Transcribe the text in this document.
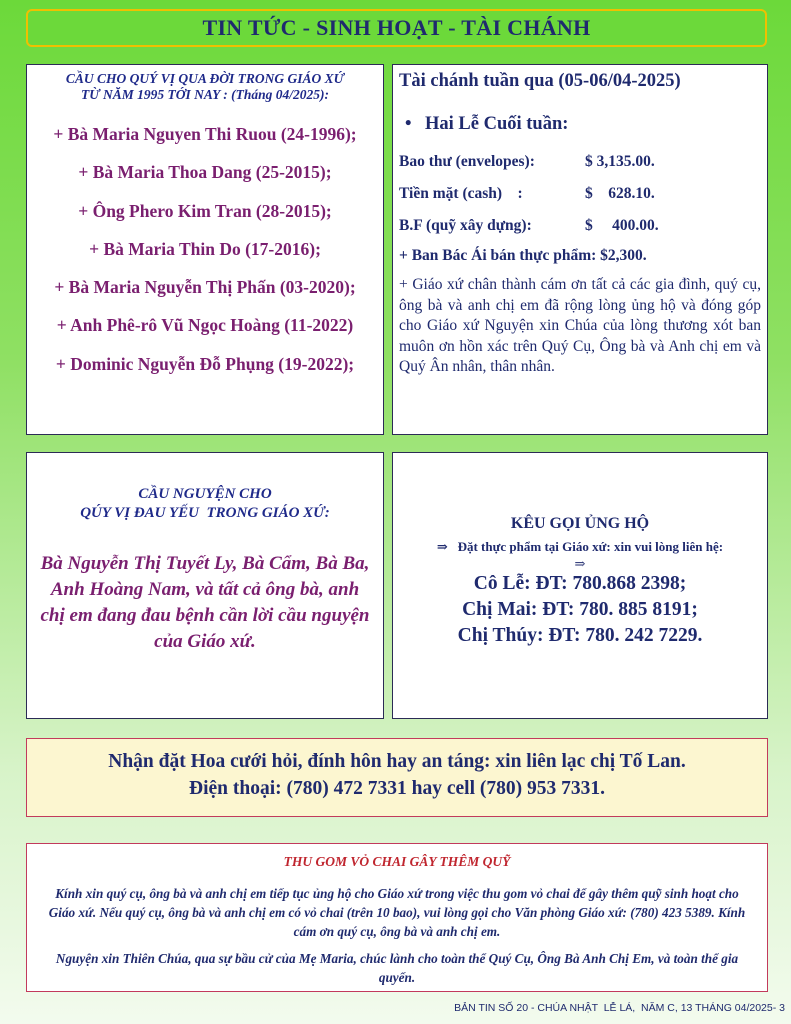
TIN TỨC - SINH HOẠT - TÀI CHÁNH
CẦU CHO QUÝ VỊ QUA ĐỜI TRONG GIÁO XỨ
TỪ NĂM 1995 TỚI NAY : (Tháng 04/2025):
+ Bà Maria Nguyen Thi Ruou (24-1996);
+ Bà Maria Thoa Dang (25-2015);
+ Ông Phero Kim Tran (28-2015);
+ Bà Maria Thin Do (17-2016);
+ Bà Maria Nguyễn Thị Phấn (03-2020);
+ Anh Phê-rô Vũ Ngọc Hoàng (11-2022)
+ Dominic Nguyễn Đỗ Phụng (19-2022);
Tài chánh tuần qua (05-06/04-2025)
• Hai Lễ Cuối tuần:
Bao thư (envelopes):	$ 3,135.00.
Tiền mặt (cash)    :	$    628.10.
B.F (quỹ xây dựng):	$     400.00.
+ Ban Bác Ái bán thực phẩm: $2,300.
+ Giáo xứ chân thành cám ơn tất cả các gia đình, quý cụ, ông bà và anh chị em đã rộng lòng ủng hộ và đóng góp cho Giáo xứ Nguyện xin Chúa của lòng thương xót ban muôn ơn hồn xác trên Quý Cụ, Ông bà và Anh chị em và Quý Ân nhân, thân nhân.
CẦU NGUYỆN CHO
QÚY VỊ ĐAU YẾU  TRONG GIÁO XỨ:
Bà Nguyễn Thị Tuyết Ly, Bà Cẩm, Bà Ba, Anh Hoàng Nam, và tất cả ông bà, anh chị em đang đau bệnh cần lời cầu nguyện của Giáo xứ.
KÊU GỌI ỦNG HỘ
⇒ Đặt thực phẩm tại Giáo xứ: xin vui lòng liên hệ:
⇒
Cô Lễ: ĐT: 780.868 2398;
Chị Mai: ĐT: 780. 885 8191;
Chị Thúy: ĐT: 780. 242 7229.
Nhận đặt Hoa cưới hỏi, đính hôn hay an táng: xin liên lạc chị Tố Lan.
Điện thoại: (780) 472 7331 hay cell (780) 953 7331.
THU GOM VỎ CHAI GÂY THÊM QUỸ
Kính xin quý cụ, ông bà và anh chị em tiếp tục ủng hộ cho Giáo xứ trong việc thu gom vỏ chai để gây thêm quỹ sinh hoạt cho Giáo xứ. Nếu quý cụ, ông bà và anh chị em có vỏ chai (trên 10 bao), vui lòng gọi cho Văn phòng Giáo xứ: (780) 423 5389. Kính cám ơn quý cụ, ông bà và anh chị em.
Nguyện xin Thiên Chúa, qua sự bầu cử của Mẹ Maria, chúc lành cho toàn thể Quý Cụ, Ông Bà Anh Chị Em, và toàn thể gia quyến.
BẢN TIN SỐ 20 - CHÚA NHẬT  LỄ LÁ,  NĂM C, 13 THÁNG 04/2025- 3
